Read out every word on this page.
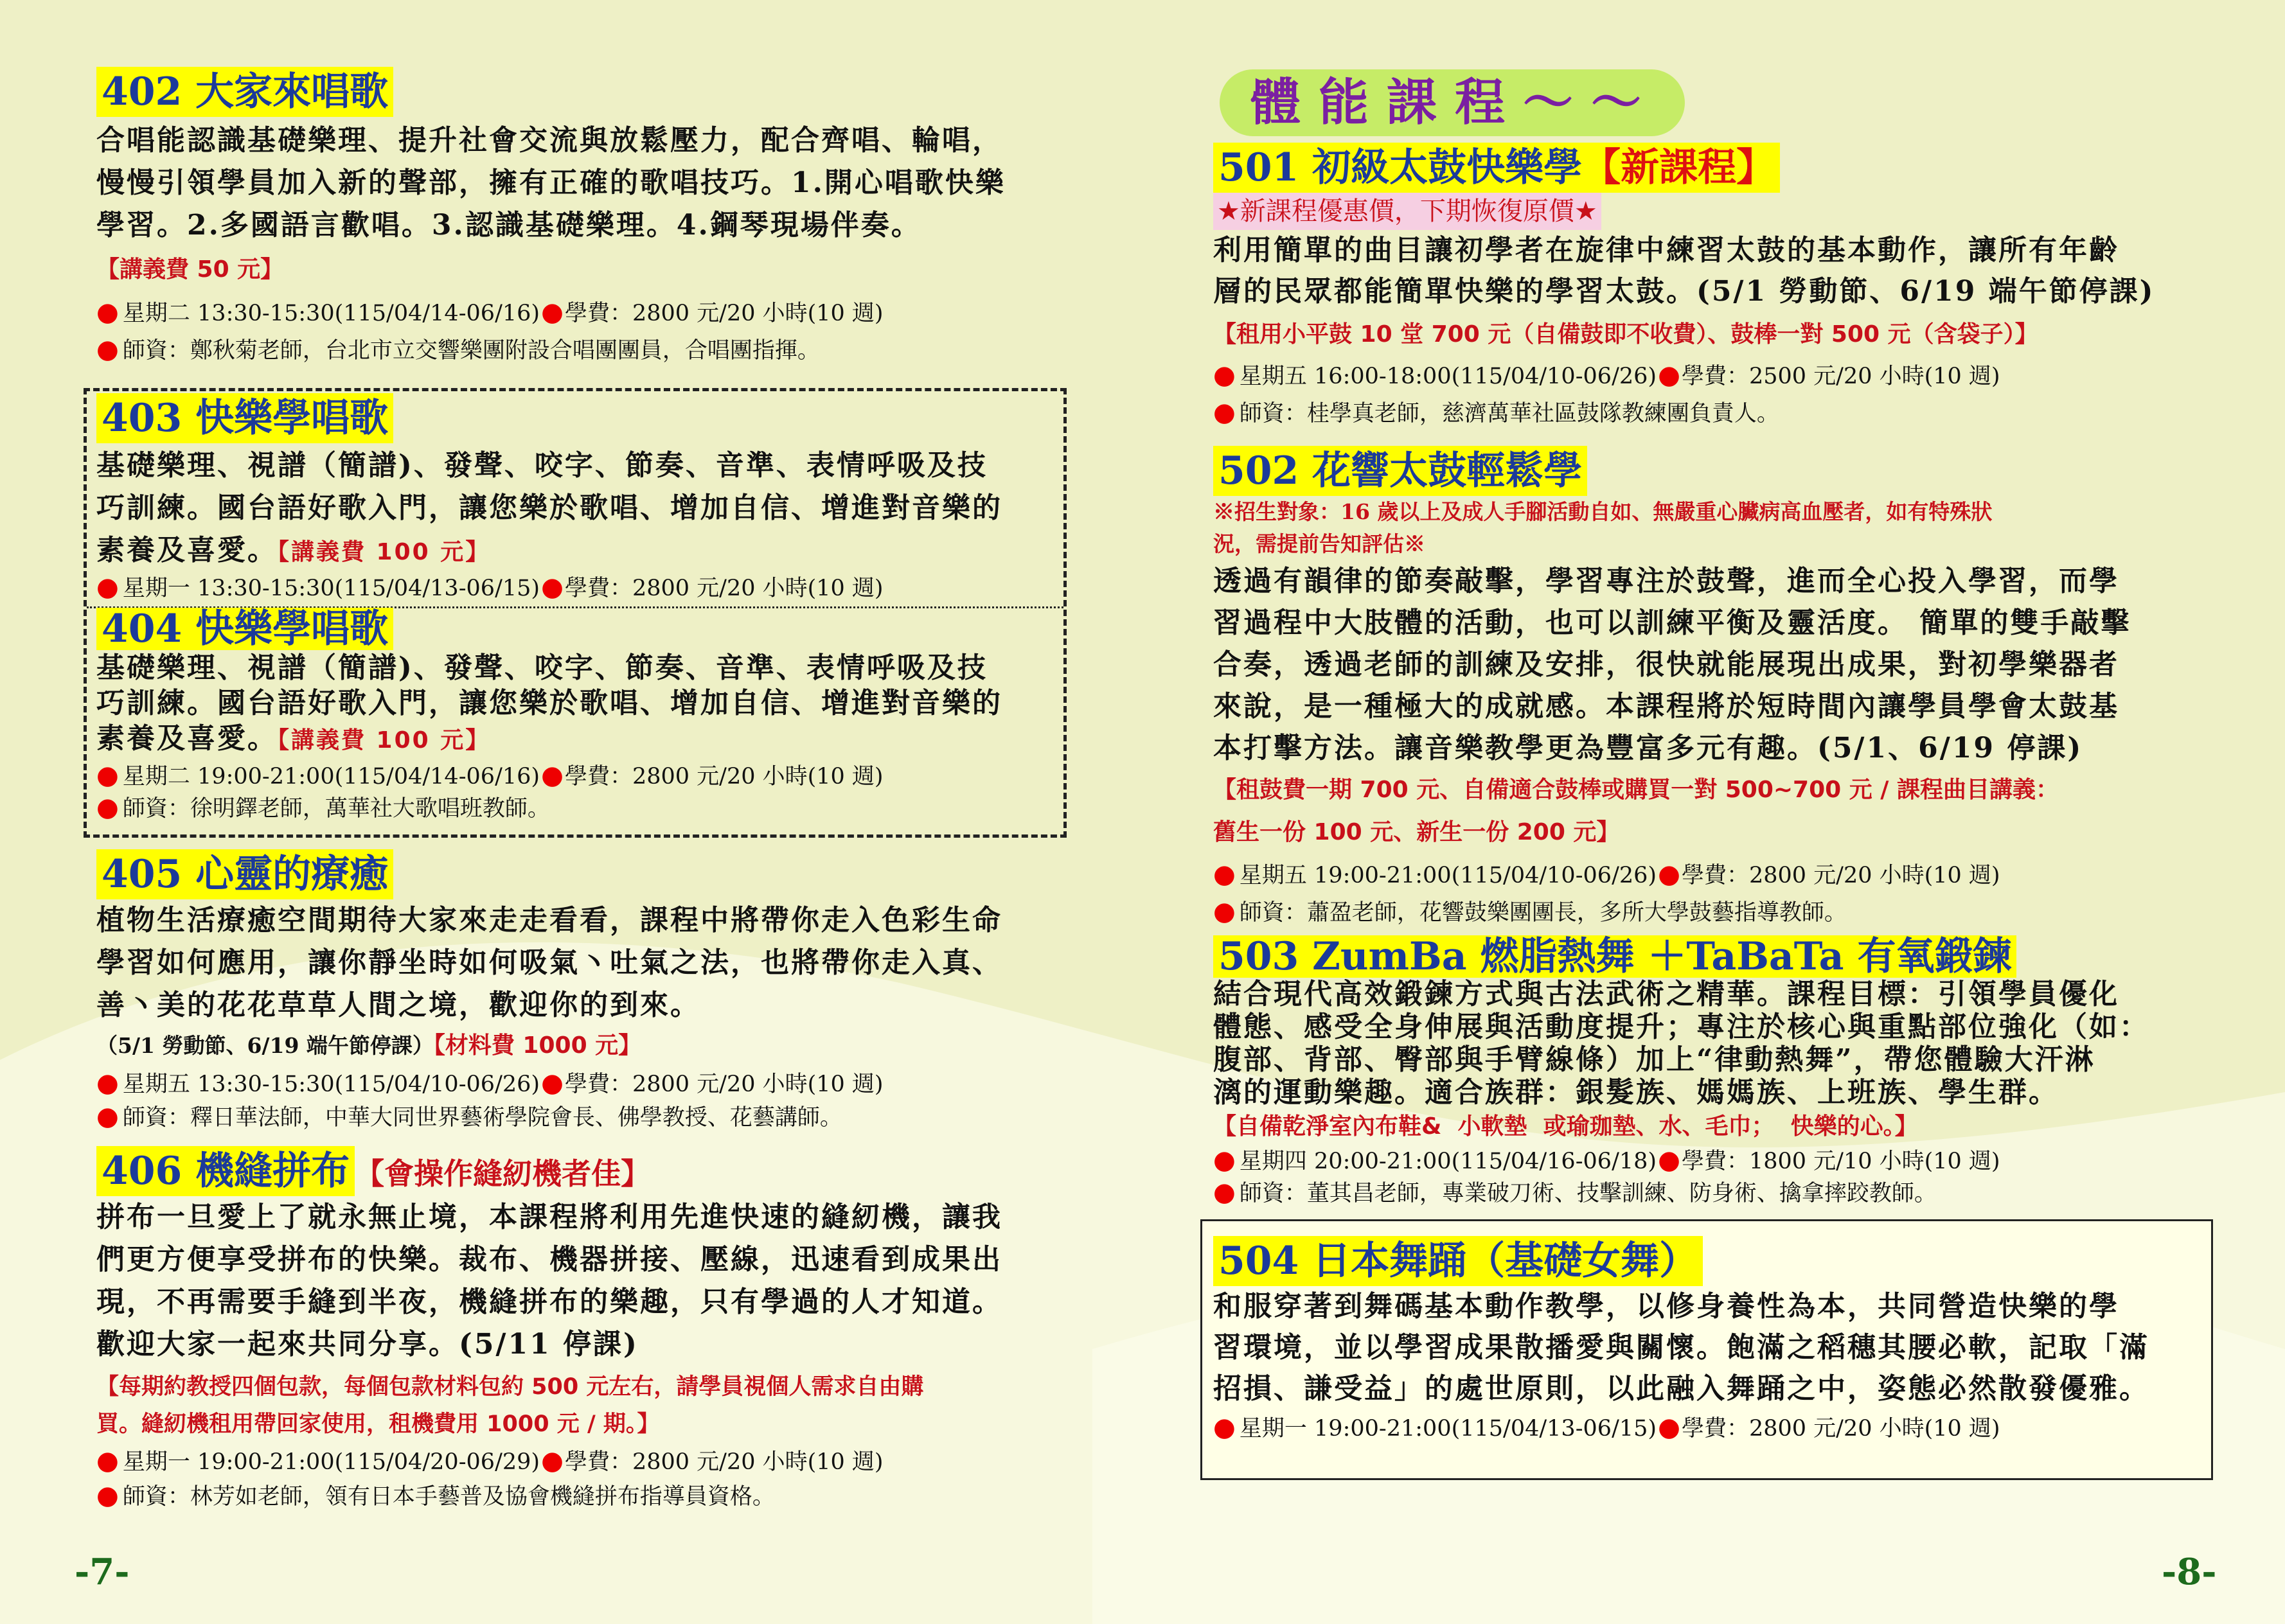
402 大家來唱歌

合唱能認識基礎樂理、提升社會交流與放鬆壓力，配合齊唱、輪唱，
慢慢引領學員加入新的聲部，擁有正確的歌唱技巧。1.開心唱歌快樂
學習。2.多國語言歡唱。3.認識基礎樂理。4.鋼琴現場伴奏。

【講義費 50 元】
● 星期二 13:30-15:30(115/04/14-06/16)●學費：2800 元/20 小時(10 週)
● 師資：鄭秋菊老師，台北市立交響樂團附設合唱團團員，合唱團指揮。
403 快樂學唱歌
基礎樂理、視譜（簡譜)、發聲、咬字、節奏、音準、表情呼吸及技
巧訓練。國台語好歌入門，讓您樂於歌唱、增加自信、增進對音樂的
素養及喜愛。【講義費 100 元】
● 星期一 13:30-15:30(115/04/13-06/15)●學費：2800 元/20 小時(10 週)
404 快樂學唱歌
基礎樂理、視譜（簡譜)、發聲、咬字、節奏、音準、表情呼吸及技
巧訓練。國台語好歌入門，讓您樂於歌唱、增加自信、增進對音樂的
素養及喜愛。【講義費 100 元】
● 星期二 19:00-21:00(115/04/14-06/16)●學費：2800 元/20 小時(10 週)
● 師資：徐明鐸老師，萬華社大歌唱班教師。
405 心靈的療癒

植物生活療癒空間期待大家來走走看看，課程中將帶你走入色彩生命
學習如何應用，讓你靜坐時如何吸氣丶吐氣之法，也將帶你走入真、
善丶美的花花草草人間之境，歡迎你的到來。

（5/1 勞動節、6/19 端午節停課）【材料費 1000 元】
● 星期五 13:30-15:30(115/04/10-06/26)●學費：2800 元/20 小時(10 週)
● 師資：釋日華法師，中華大同世界藝術學院會長、佛學教授、花藝講師。
406 機縫拼布 【會操作縫紉機者佳】

拼布一旦愛上了就永無止境，本課程將利用先進快速的縫紉機，讓我
們更方便享受拼布的快樂。裁布、機器拼接、壓線，迅速看到成果出
現，不再需要手縫到半夜，機縫拼布的樂趣，只有學過的人才知道。
歡迎大家一起來共同分享。(5/11 停課)

【每期約教授四個包款，每個包款材料包約 500 元左右，請學員視個人需求自由購
買。縫紉機租用帶回家使用，租機費用 1000 元 / 期。】
● 星期一 19:00-21:00(115/04/20-06/29)●學費：2800 元/20 小時(10 週)
● 師資：林芳如老師，領有日本手藝普及協會機縫拼布指導員資格。
-7-
體能課程～～
501 初級太鼓快樂學【新課程】
★新課程優惠價，下期恢復原價★

利用簡單的曲目讓初學者在旋律中練習太鼓的基本動作，讓所有年齡
層的民眾都能簡單快樂的學習太鼓。(5/1 勞動節、6/19 端午節停課)

【租用小平鼓 10 堂 700 元（自備鼓即不收費）、鼓棒一對 500 元（含袋子）】
● 星期五 16:00-18:00(115/04/10-06/26)●學費：2500 元/20 小時(10 週)
● 師資：桂學真老師，慈濟萬華社區鼓隊教練團負責人。
502 花響太鼓輕鬆學
※招生對象：16 歲以上及成人手腳活動自如、無嚴重心臟病高血壓者，如有特殊狀
況，需提前告知評估※

透過有韻律的節奏敲擊，學習專注於鼓聲，進而全心投入學習，而學
習過程中大肢體的活動，也可以訓練平衡及靈活度。 簡單的雙手敲擊
合奏，透過老師的訓練及安排，很快就能展現出成果，對初學樂器者
來說，是一種極大的成就感。本課程將於短時間內讓學員學會太鼓基
本打擊方法。讓音樂教學更為豐富多元有趣。(5/1、6/19 停課)

【租鼓費一期 700 元、自備適合鼓棒或購買一對 500~700 元 / 課程曲目講義：
舊生一份 100 元、新生一份 200 元】
● 星期五 19:00-21:00(115/04/10-06/26)●學費：2800 元/20 小時(10 週)
● 師資：蕭盈老師，花響鼓樂團團長，多所大學鼓藝指導教師。
503 ZumBa 燃脂熱舞 ＋TaBaTa 有氧鍛鍊

結合現代高效鍛鍊方式與古法武術之精華。課程目標：引領學員優化
體態、感受全身伸展與活動度提升；專注於核心與重點部位強化（如：
腹部、背部、臀部與手臂線條）加上“律動熱舞”，帶您體驗大汗淋
漓的運動樂趣。適合族群：銀髮族、媽媽族、上班族、學生群。

【自備乾淨室內布鞋&  小軟墊  或瑜珈墊、水、毛巾；  快樂的心。】
● 星期四 20:00-21:00(115/04/16-06/18)●學費：1800 元/10 小時(10 週)
● 師資：董其昌老師，專業破刀術、技擊訓練、防身術、擒拿摔跤教師。
504 日本舞踊（基礎女舞）

和服穿著到舞碼基本動作教學，以修身養性為本，共同營造快樂的學
習環境，並以學習成果散播愛與關懷。飽滿之稻穗其腰必軟，記取「滿
招損、謙受益」的處世原則，以此融入舞踊之中，姿態必然散發優雅。

● 星期一 19:00-21:00(115/04/13-06/15)●學費：2800 元/20 小時(10 週)
-8-
